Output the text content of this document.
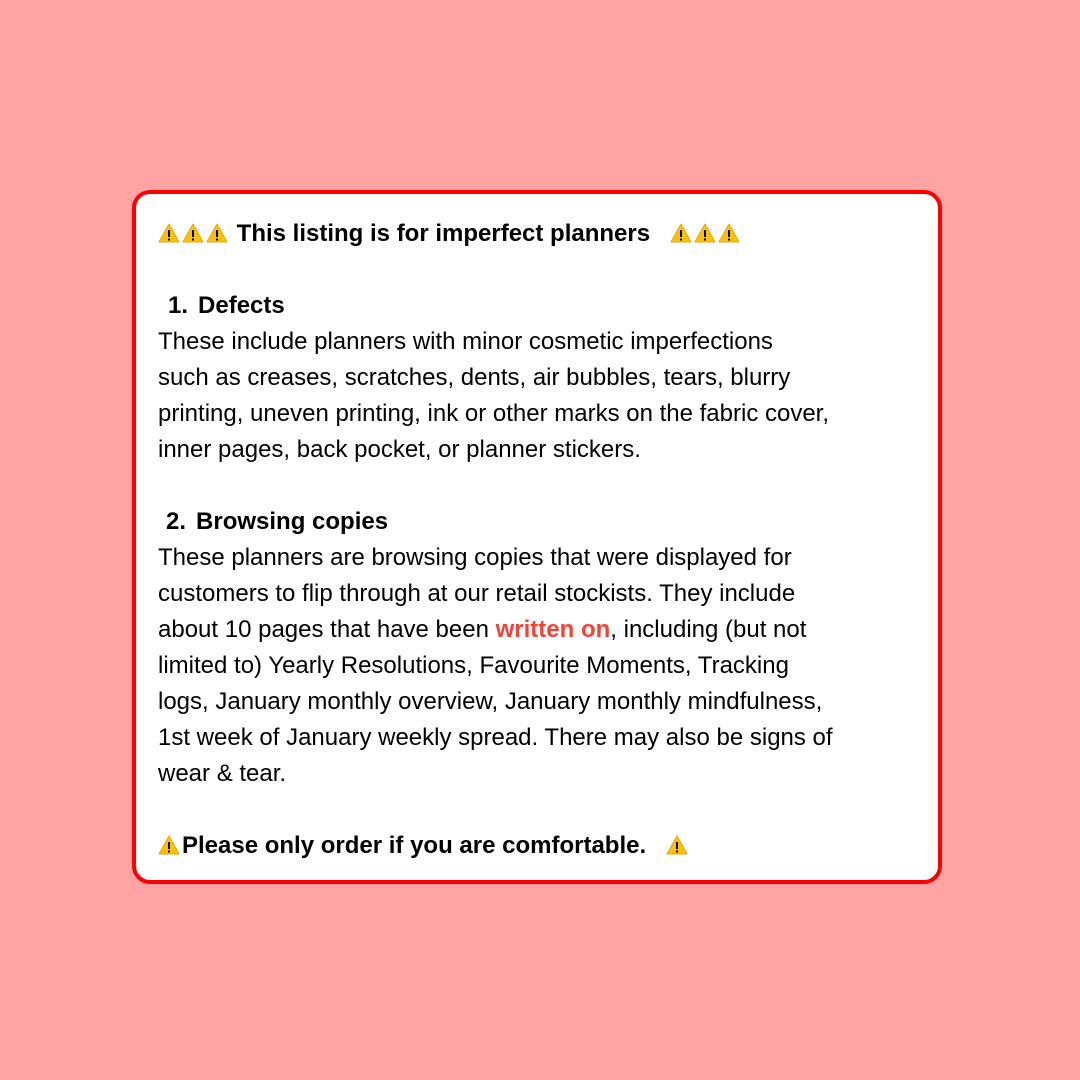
This listing is for imperfect planners

1. Defects

These include planners with minor cosmetic imperfections

such as creases, scratches, dents, air bubbles, tears, blurry

printing, uneven printing, ink or other marks on the fabric cover,

inner pages, back pocket, or planner stickers.

2. Browsing copies

These planners are browsing copies that were displayed for

customers to flip through at our retail stockists. They include

about 10 pages that have been written on, including (but not

limited to) Yearly Resolutions, Favourite Moments, Tracking

logs, January monthly overview, January monthly mindfulness,

1st week of January weekly spread. There may also be signs of

wear & tear.

Please only order if you are comfortable.
